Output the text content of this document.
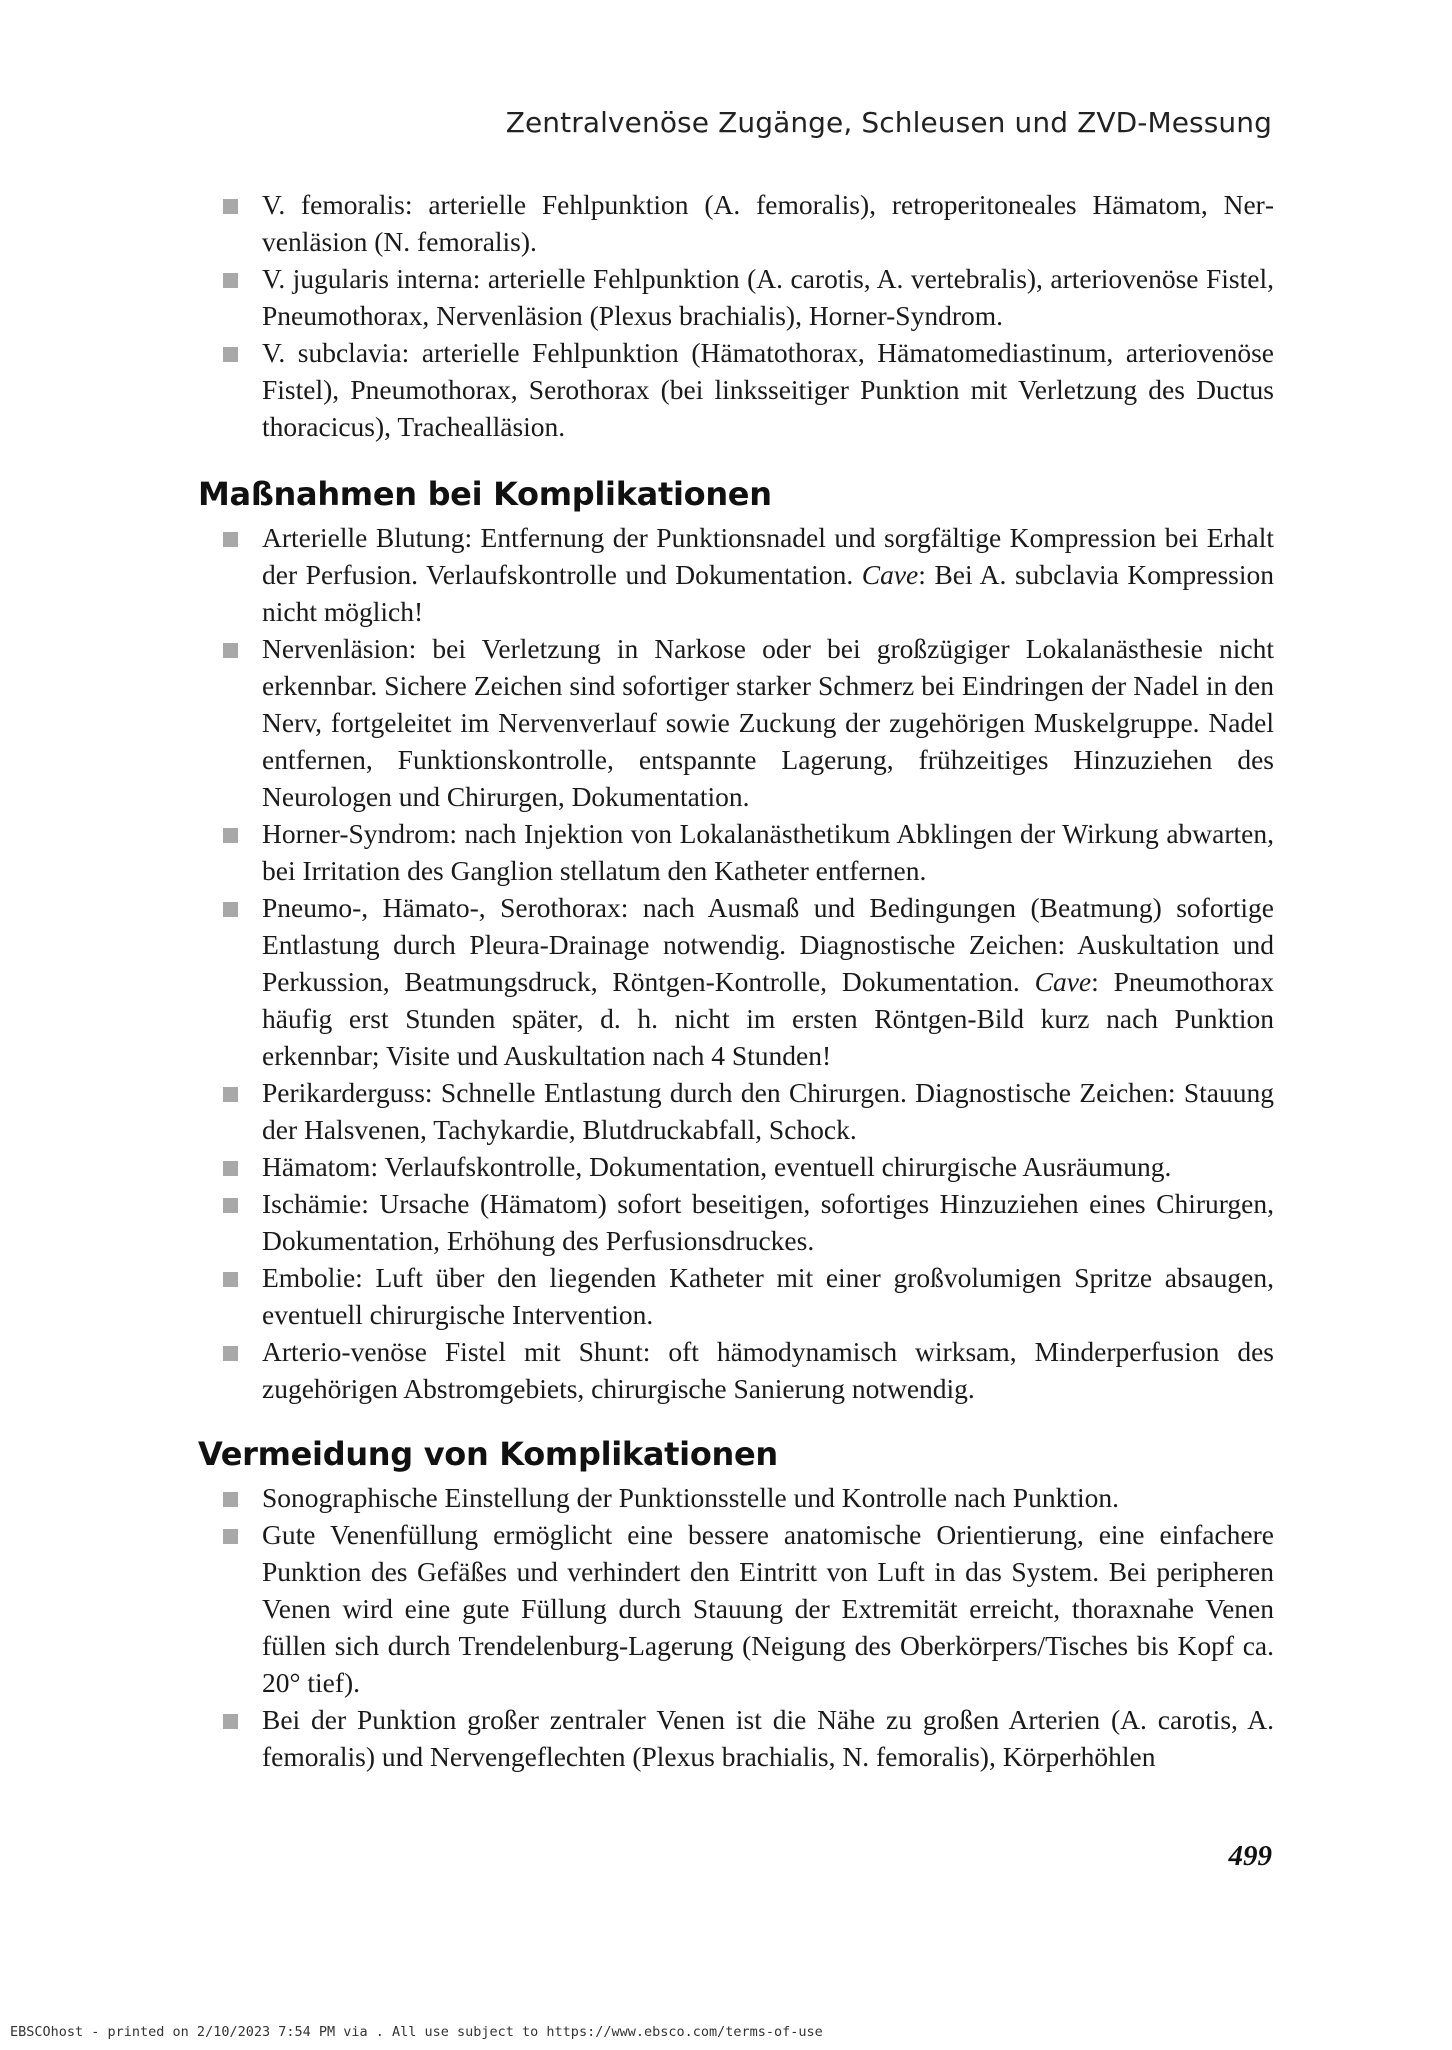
Zentralvenöse Zugänge, Schleusen und ZVD-Messung
V. femoralis: arterielle Fehlpunktion (A. femoralis), retroperitoneales Hämatom, Nervenläsion (N. femoralis).
V. jugularis interna: arterielle Fehlpunktion (A. carotis, A. vertebralis), arteriovenöse Fistel, Pneumothorax, Nervenläsion (Plexus brachialis), Horner-Syndrom.
V. subclavia: arterielle Fehlpunktion (Hämatothorax, Hämatomediastinum, arteriovenöse Fistel), Pneumothorax, Serothorax (bei linksseitiger Punktion mit Verletzung des Ductus thoracicus), Trachealläsion.
Maßnahmen bei Komplikationen
Arterielle Blutung: Entfernung der Punktionsnadel und sorgfältige Kompression bei Erhalt der Perfusion. Verlaufskontrolle und Dokumentation. Cave: Bei A. subclavia Kompression nicht möglich!
Nervenläsion: bei Verletzung in Narkose oder bei großzügiger Lokalanästhesie nicht erkennbar. Sichere Zeichen sind sofortiger starker Schmerz bei Eindringen der Nadel in den Nerv, fortgeleitet im Nervenverlauf sowie Zuckung der zugehörigen Muskelgruppe. Nadel entfernen, Funktionskontrolle, entspannte Lagerung, frühzeitiges Hinzuziehen des Neurologen und Chirurgen, Dokumentation.
Horner-Syndrom: nach Injektion von Lokalanästhetikum Abklingen der Wirkung abwarten, bei Irritation des Ganglion stellatum den Katheter entfernen.
Pneumo-, Hämato-, Serothorax: nach Ausmaß und Bedingungen (Beatmung) sofortige Entlastung durch Pleura-Drainage notwendig. Diagnostische Zeichen: Auskultation und Perkussion, Beatmungsdruck, Röntgen-Kontrolle, Dokumentation. Cave: Pneumothorax häufig erst Stunden später, d. h. nicht im ersten Röntgen-Bild kurz nach Punktion erkennbar; Visite und Auskultation nach 4 Stunden!
Perikarderguss: Schnelle Entlastung durch den Chirurgen. Diagnostische Zeichen: Stauung der Halsvenen, Tachykardie, Blutdruckabfall, Schock.
Hämatom: Verlaufskontrolle, Dokumentation, eventuell chirurgische Ausräumung.
Ischämie: Ursache (Hämatom) sofort beseitigen, sofortiges Hinzuziehen eines Chirurgen, Dokumentation, Erhöhung des Perfusionsdruckes.
Embolie: Luft über den liegenden Katheter mit einer großvolumigen Spritze absaugen, eventuell chirurgische Intervention.
Arterio-venöse Fistel mit Shunt: oft hämodynamisch wirksam, Minderperfusion des zugehörigen Abstromgebiets, chirurgische Sanierung notwendig.
Vermeidung von Komplikationen
Sonographische Einstellung der Punktionsstelle und Kontrolle nach Punktion.
Gute Venenfüllung ermöglicht eine bessere anatomische Orientierung, eine einfachere Punktion des Gefäßes und verhindert den Eintritt von Luft in das System. Bei peripheren Venen wird eine gute Füllung durch Stauung der Extremität erreicht, thoraxnahe Venen füllen sich durch Trendelenburg-Lagerung (Neigung des Oberkörpers/Tisches bis Kopf ca. 20° tief).
Bei der Punktion großer zentraler Venen ist die Nähe zu großen Arterien (A. carotis, A. femoralis) und Nervengeflechten (Plexus brachialis, N. femoralis), Körperhöhlen
499
EBSCOhost - printed on 2/10/2023 7:54 PM via . All use subject to https://www.ebsco.com/terms-of-use
